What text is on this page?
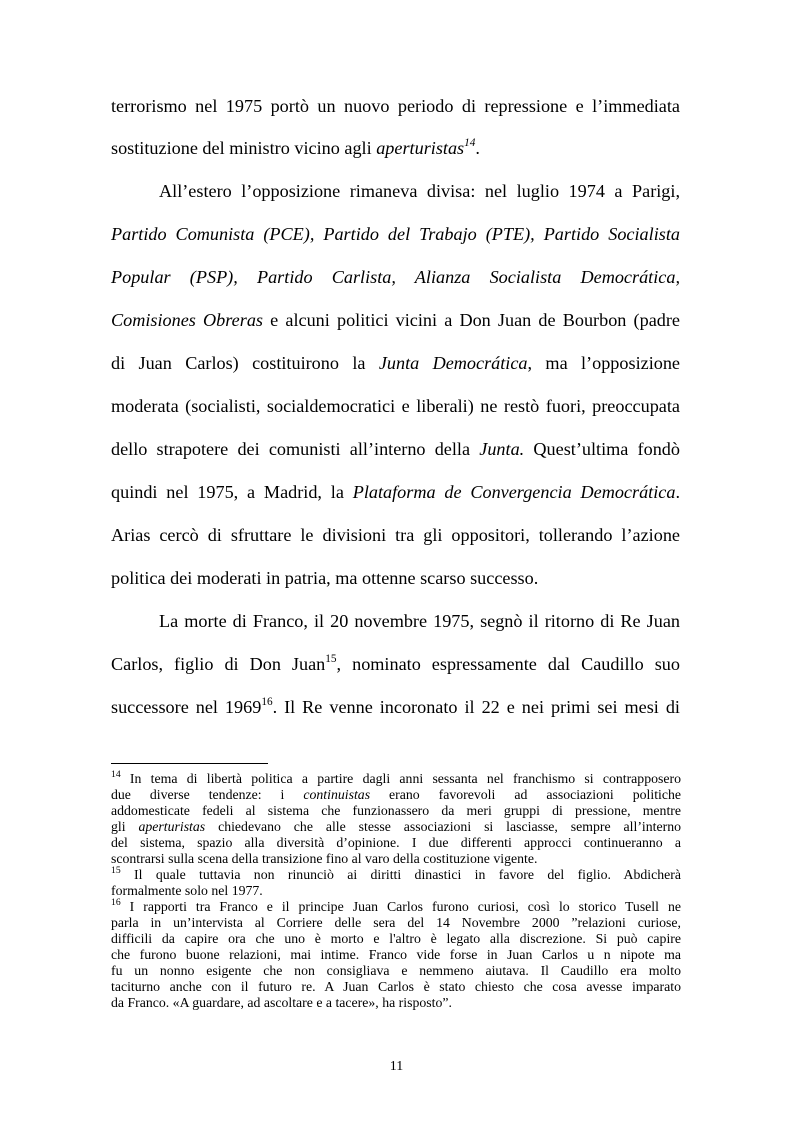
terrorismo nel 1975 portò un nuovo periodo di repressione e l’immediata
sostituzione del ministro vicino agli aperturistas$^{14}$.
All’estero l’opposizione rimaneva divisa: nel luglio 1974 a Parigi,
Partido Comunista (PCE), Partido del Trabajo (PTE), Partido Socialista
Popular (PSP), Partido Carlista, Alianza Socialista Democrática,
Comisiones Obreras e alcuni politici vicini a Don Juan de Bourbon (padre
di Juan Carlos) costituirono la Junta Democrática, ma l’opposizione
moderata (socialisti, socialdemocratici e liberali) ne restò fuori, preoccupata
dello strapotere dei comunisti all’interno della Junta. Quest’ultima fondò
quindi nel 1975, a Madrid, la Plataforma de Convergencia Democrática.
Arias cercò di sfruttare le divisioni tra gli oppositori, tollerando l’azione
politica dei moderati in patria, ma ottenne scarso successo.
La morte di Franco, il 20 novembre 1975, segnò il ritorno di Re Juan
Carlos, figlio di Don Juan$^{15}$, nominato espressamente dal Caudillo suo
successore nel 1969$^{16}$. Il Re venne incoronato il 22 e nei primi sei mesi di
$^{14}$ In tema di libertà politica a partire dagli anni sessanta nel franchismo si contrapposero
due diverse tendenze: i continuistas erano favorevoli ad associazioni politiche
addomesticate fedeli al sistema che funzionassero da meri gruppi di pressione, mentre
gli aperturistas chiedevano che alle stesse associazioni si lasciasse, sempre all’interno
del sistema, spazio alla diversità d’opinione. I due differenti approcci continueranno a
scontrarsi sulla scena della transizione fino al varo della costituzione vigente.
$^{15}$ Il quale tuttavia non rinunciò ai diritti dinastici in favore del figlio. Abdicherà
formalmente solo nel 1977.
$^{16}$ I rapporti tra Franco e il principe Juan Carlos furono curiosi, così lo storico Tusell ne
parla in un’intervista al Corriere delle sera del 14 Novembre 2000 ”relazioni curiose,
difficili da capire ora che uno è morto e l'altro è legato alla discrezione. Si può capire
che furono buone relazioni, mai intime. Franco vide forse in Juan Carlos u n nipote ma
fu un nonno esigente che non consigliava e nemmeno aiutava. Il Caudillo era molto
taciturno anche con il futuro re. A Juan Carlos è stato chiesto che cosa avesse imparato
da Franco. «A guardare, ad ascoltare e a tacere», ha risposto”.
11
